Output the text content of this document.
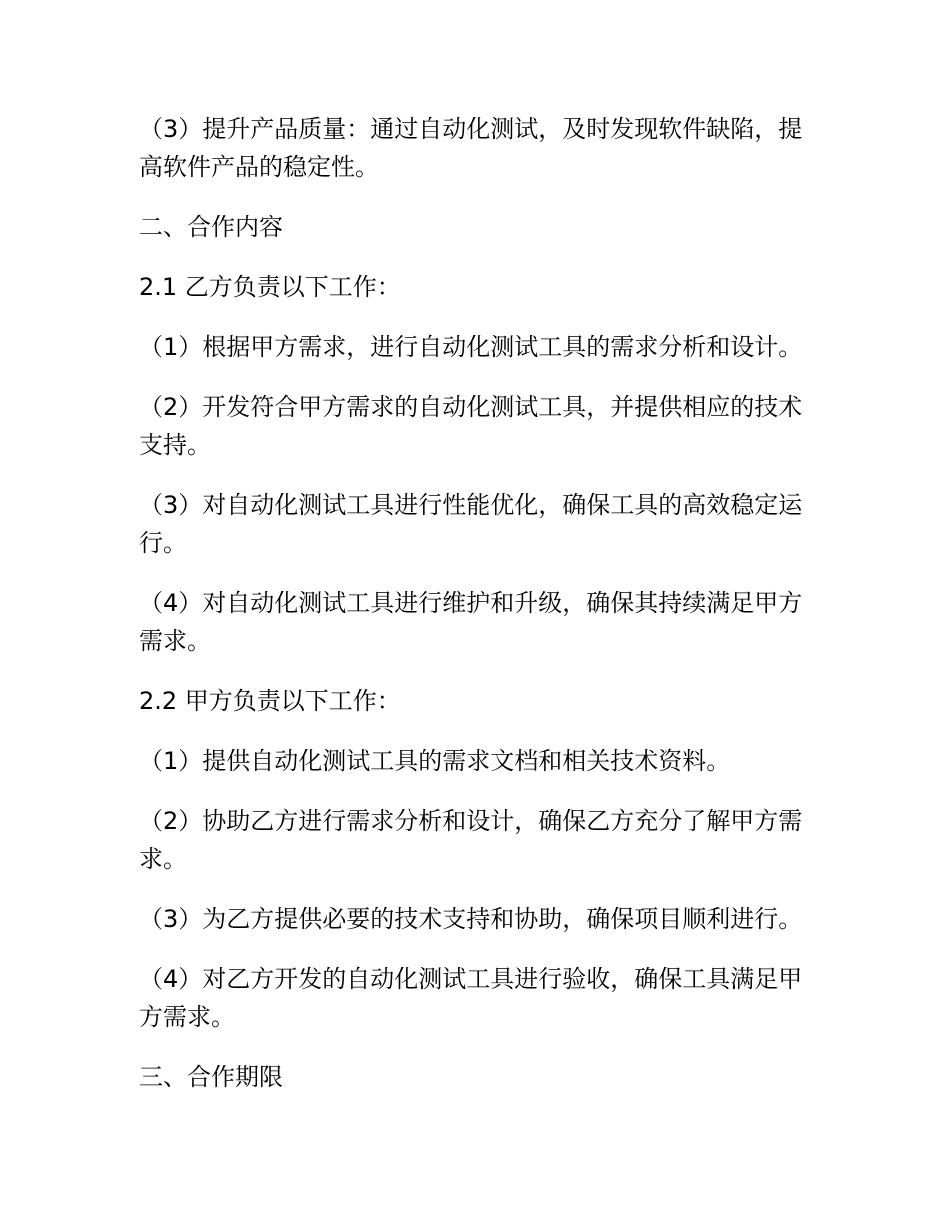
（3）提升产品质量：通过自动化测试，及时发现软件缺陷，提高软件产品的稳定性。

二、合作内容

2.1 乙方负责以下工作：

（1）根据甲方需求，进行自动化测试工具的需求分析和设计。

（2）开发符合甲方需求的自动化测试工具，并提供相应的技术支持。

（3）对自动化测试工具进行性能优化，确保工具的高效稳定运行。

（4）对自动化测试工具进行维护和升级，确保其持续满足甲方需求。

2.2 甲方负责以下工作：

（1）提供自动化测试工具的需求文档和相关技术资料。

（2）协助乙方进行需求分析和设计，确保乙方充分了解甲方需求。

（3）为乙方提供必要的技术支持和协助，确保项目顺利进行。

（4）对乙方开发的自动化测试工具进行验收，确保工具满足甲方需求。

三、合作期限
